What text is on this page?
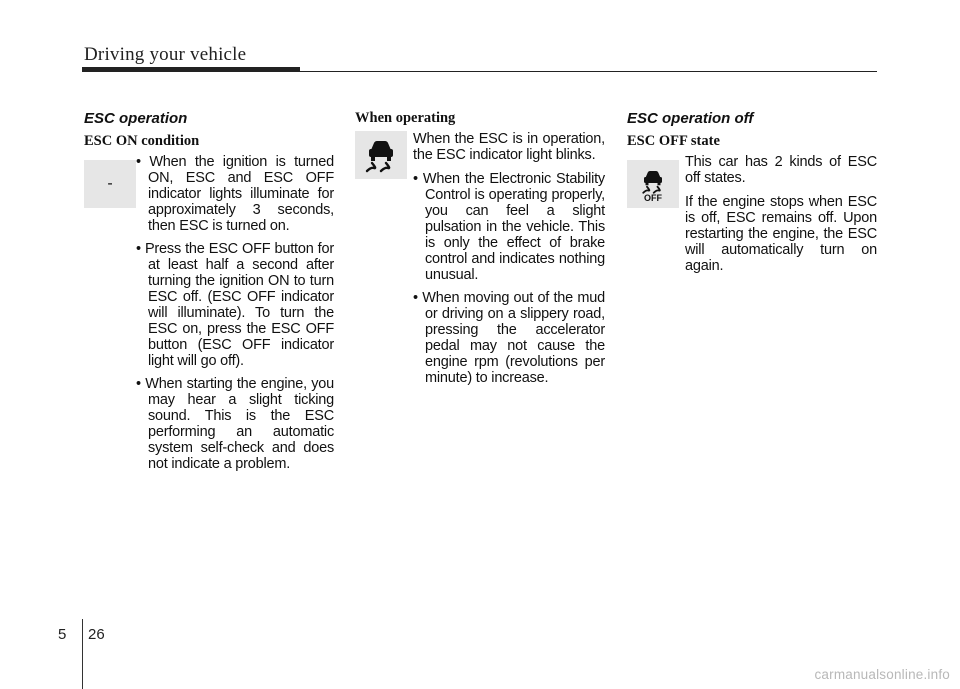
Driving your vehicle
ESC operation
ESC ON condition
-
• When the ignition is turned ON, ESC and ESC OFF indicator lights illuminate for approximately 3 seconds, then ESC is turned on.
• Press the ESC OFF button for at least half a second after turning the ignition ON to turn ESC off. (ESC OFF indicator will illuminate). To turn the ESC on, press the ESC OFF button (ESC OFF indicator light will go off).
• When starting the engine, you may hear a slight ticking sound. This is the ESC performing an automatic system self-check and does not indicate a problem.
When operating
When the ESC is in operation, the ESC indicator light blinks.
• When the Electronic Stability Control is operating properly, you can feel a slight pulsation in the vehicle. This is only the effect of brake control and indicates nothing unusual.
• When moving out of the mud or driving on a slippery road, pressing the accelerator pedal may not cause the engine rpm (revolutions per minute) to increase.
ESC operation off
ESC OFF state
OFF
This car has 2 kinds of ESC off states.
If the engine stops when ESC is off, ESC remains off. Upon restarting the engine, the ESC will automatically turn on again.
5 26
carmanualsonline.info
